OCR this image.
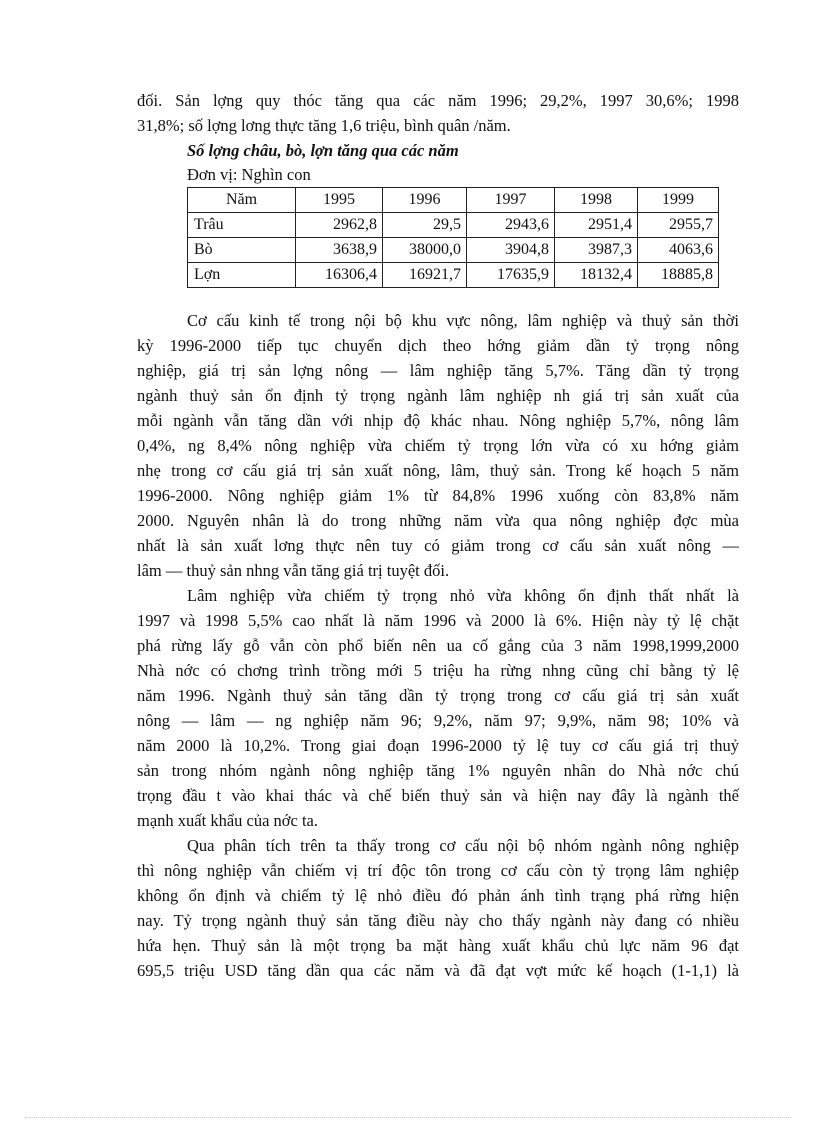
đối. Sản lợng quy thóc tăng qua các năm 1996; 29,2%, 1997 30,6%; 1998
31,8%; số lợng lơng thực tăng 1,6 triệu, bình quân /năm.
Số lợng châu, bò, lợn tăng qua các năm
Đơn vị: Nghìn con
Năm	1995	1996	1997	1998	1999
Trâu	2962,8	29,5	2943,6	2951,4	2955,7
Bò	3638,9	38000,0	3904,8	3987,3	4063,6
Lợn	16306,4	16921,7	17635,9	18132,4	18885,8
Cơ cấu kinh tế trong nội bộ khu vực nông, lâm nghiệp và thuỷ sản thời
kỳ 1996-2000 tiếp tục chuyển dịch theo hớng giảm dần tỷ trọng nông
nghiệp, giá trị sản lợng nông — lâm nghiệp tăng 5,7%. Tăng dần tỷ trọng
ngành thuỷ sản ổn định tỷ trọng ngành lâm nghiệp nh giá trị sản xuất của
mỗi ngành vẫn tăng dần với nhịp độ khác nhau. Nông nghiệp 5,7%, nông lâm
0,4%, ng 8,4% nông nghiệp vừa chiếm tỷ trọng lớn vừa có xu hớng giảm
nhẹ trong cơ cấu giá trị sản xuất nông, lâm, thuỷ sản. Trong kế hoạch 5 năm
1996-2000. Nông nghiệp giảm 1% từ 84,8% 1996 xuống còn 83,8% năm
2000. Nguyên nhân là do trong những năm vừa qua nông nghiệp đợc mùa
nhất là sản xuất lơng thực nên tuy có giảm trong cơ cấu sản xuất nông —
lâm — thuỷ sản nhng vẫn tăng giá trị tuyệt đối.
Lâm nghiệp vừa chiếm tỷ trọng nhỏ vừa không ổn định thất nhất là
1997 và 1998 5,5% cao nhất là năm 1996 và 2000 là 6%. Hiện này tỷ lệ chặt
phá rừng lấy gỗ vẫn còn phổ biến nên ua cố gắng của 3 năm 1998,1999,2000
Nhà nớc có chơng trình trồng mới 5 triệu ha rừng nhng cũng chỉ bằng tỷ lệ
năm 1996. Ngành thuỷ sản tăng dần tỷ trọng trong cơ cấu giá trị sản xuất
nông — lâm — ng nghiệp năm 96; 9,2%, năm 97; 9,9%, năm 98; 10% và
năm 2000 là 10,2%. Trong giai đoạn 1996-2000 tỷ lệ tuy cơ cấu giá trị thuỷ
sản trong nhóm ngành nông nghiệp tăng 1% nguyên nhân do Nhà nớc chú
trọng đầu t vào khai thác và chế biến thuỷ sản và hiện nay đây là ngành thế
mạnh xuất khẩu của nớc ta.
Qua phân tích trên ta thấy trong cơ cấu nội bộ nhóm ngành nông nghiệp
thì nông nghiệp vẫn chiếm vị trí độc tôn trong cơ cấu còn tỷ trọng lâm nghiệp
không ổn định và chiếm tỷ lệ nhỏ điều đó phản ánh tình trạng phá rừng hiện
nay. Tỷ trọng ngành thuỷ sản tăng điều này cho thấy ngành này đang có nhiều
hứa hẹn. Thuỷ sản là một trọng ba mặt hàng xuất khẩu chủ lực năm 96 đạt
695,5 triệu USD tăng dần qua các năm và đã đạt vợt mức kế hoạch (1-1,1) là
